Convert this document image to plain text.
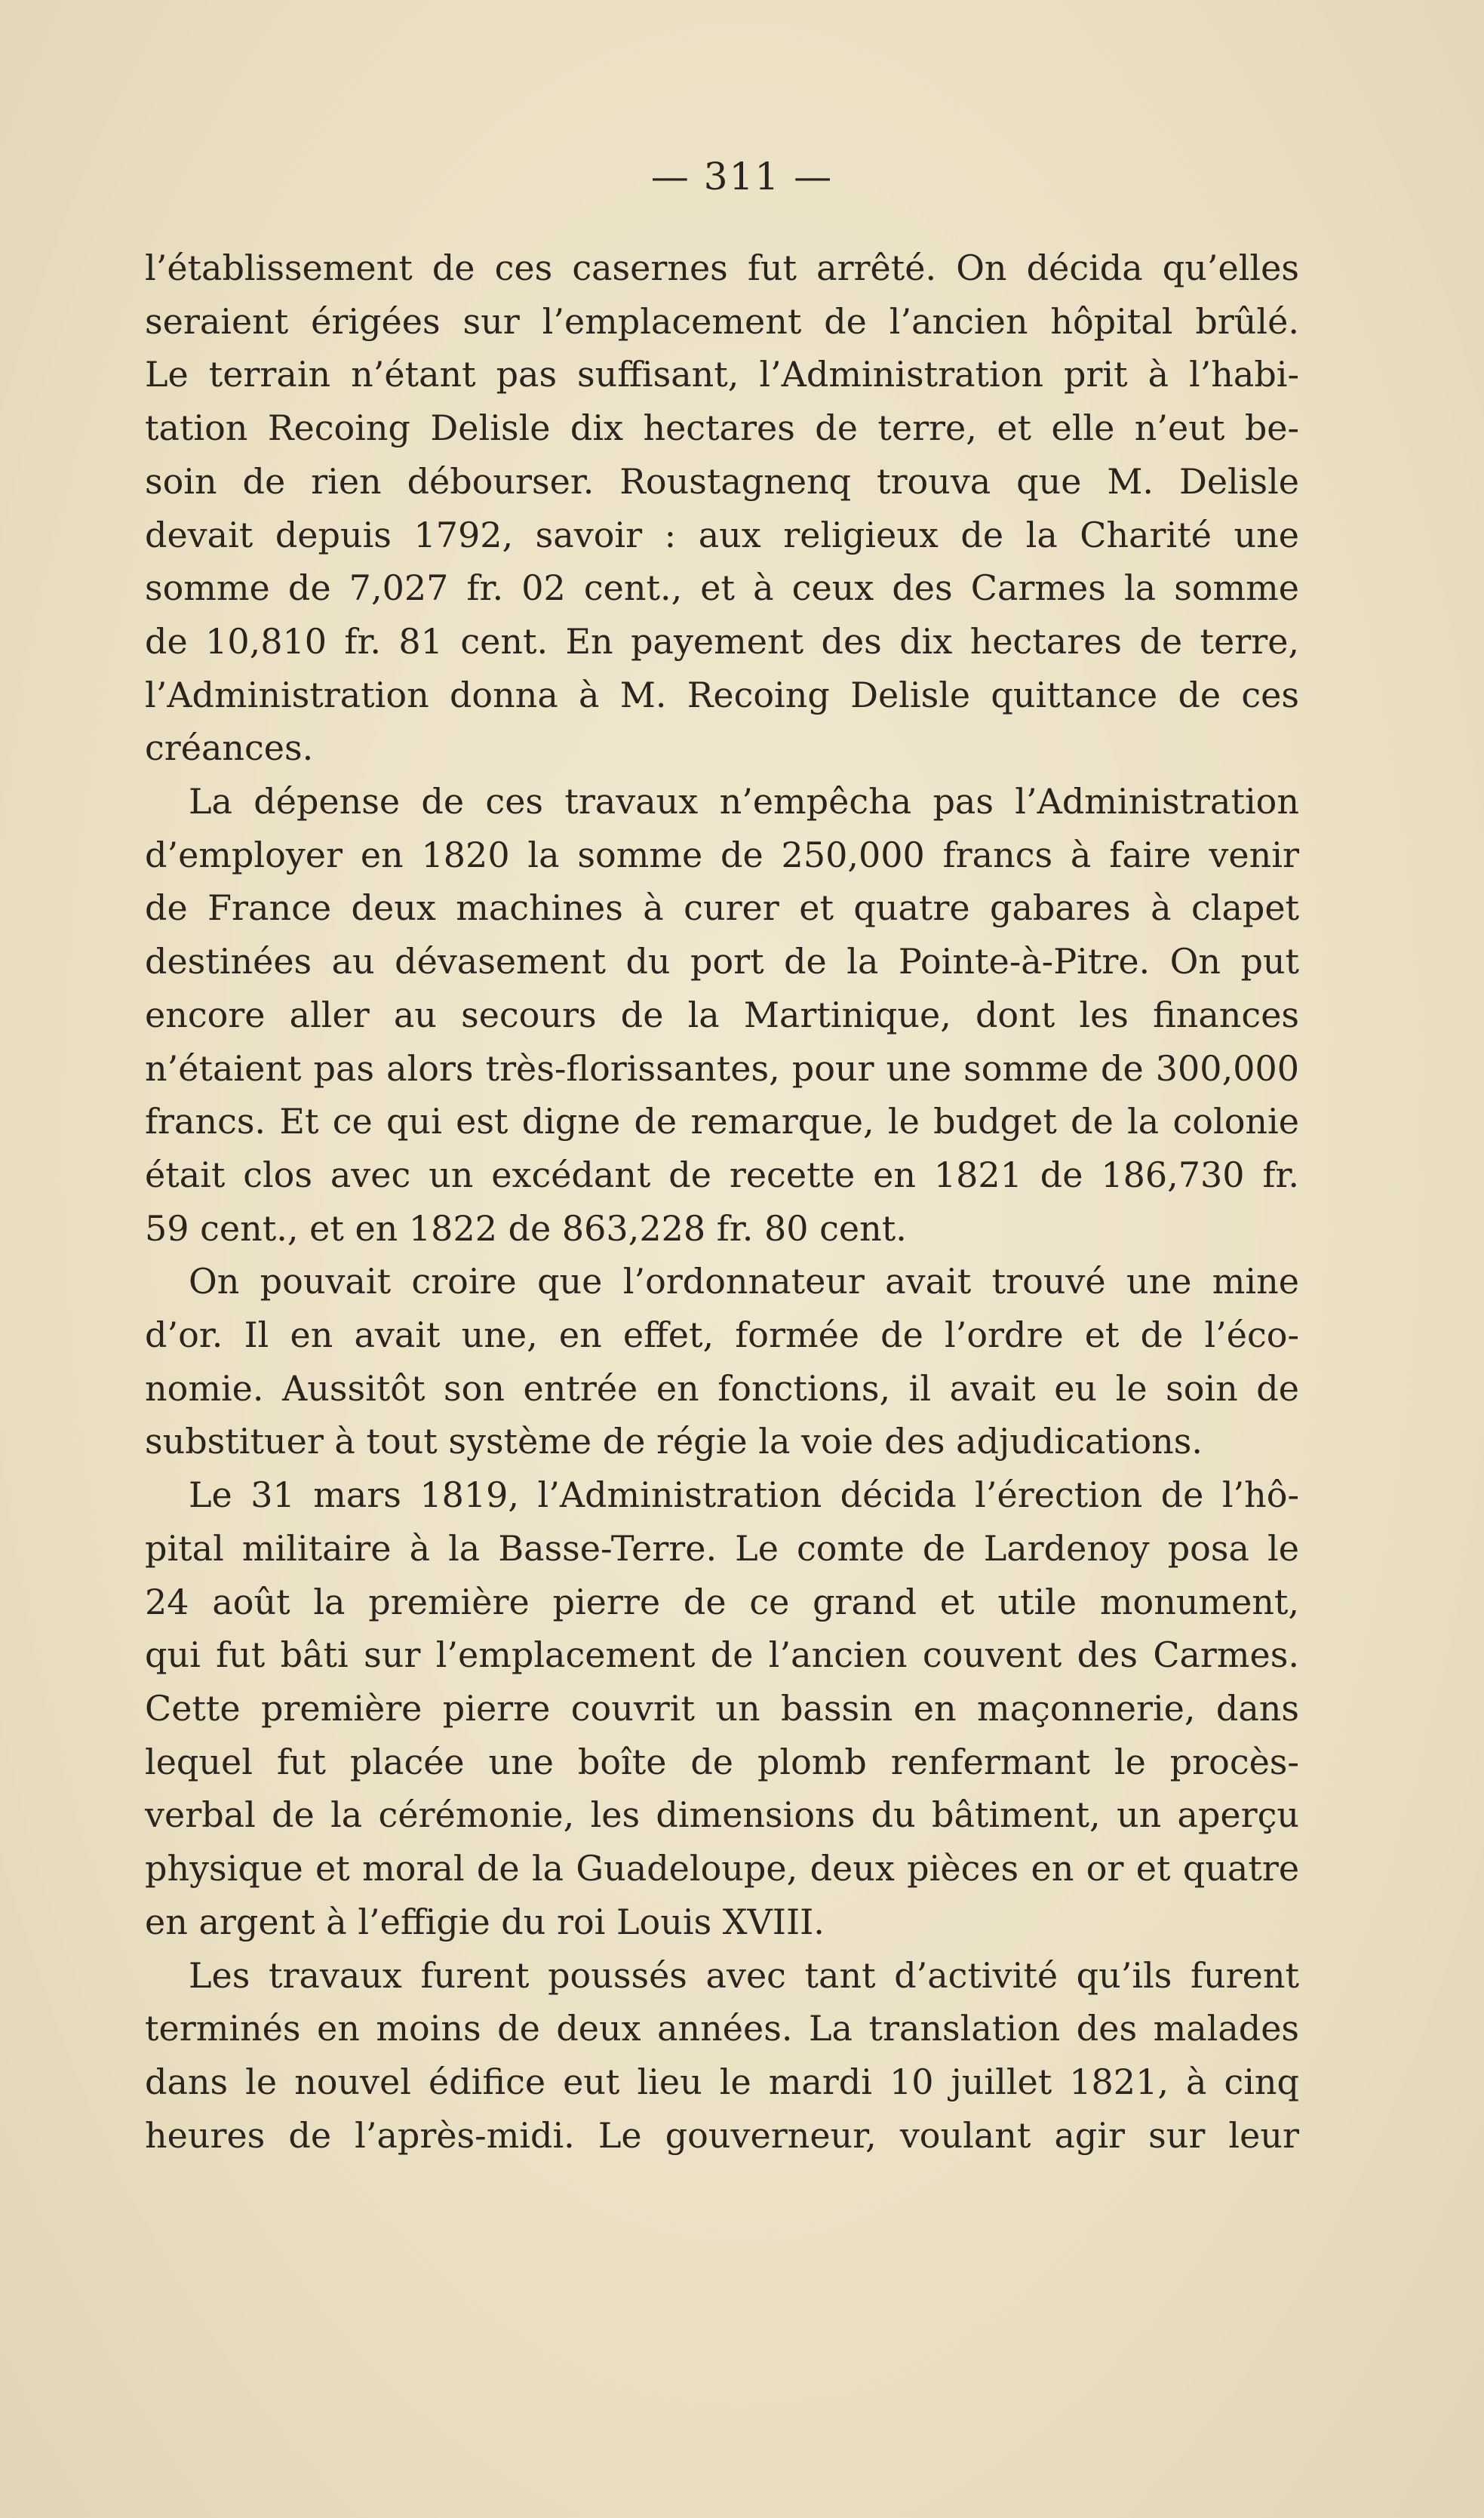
— 311 —

l’établissement de ces casernes fut arrêté. On décida qu’elles
seraient érigées sur l’emplacement de l’ancien hôpital brûlé.
Le terrain n’étant pas suffisant, l’Administration prit à l’habi-
tation Recoing Delisle dix hectares de terre, et elle n’eut be-
soin de rien débourser. Roustagnenq trouva que M. Delisle
devait depuis 1792, savoir : aux religieux de la Charité une
somme de 7,027 fr. 02 cent., et à ceux des Carmes la somme
de 10,810 fr. 81 cent. En payement des dix hectares de terre,
l’Administration donna à M. Recoing Delisle quittance de ces
créances.

La dépense de ces travaux n’empêcha pas l’Administration
d’employer en 1820 la somme de 250,000 francs à faire venir
de France deux machines à curer et quatre gabares à clapet
destinées au dévasement du port de la Pointe-à-Pitre. On put
encore aller au secours de la Martinique, dont les finances
n’étaient pas alors très-florissantes, pour une somme de 300,000
francs. Et ce qui est digne de remarque, le budget de la colonie
était clos avec un excédant de recette en 1821 de 186,730 fr.
59 cent., et en 1822 de 863,228 fr. 80 cent.

On pouvait croire que l’ordonnateur avait trouvé une mine
d’or. Il en avait une, en effet, formée de l’ordre et de l’éco-
nomie. Aussitôt son entrée en fonctions, il avait eu le soin de
substituer à tout système de régie la voie des adjudications.

Le 31 mars 1819, l’Administration décida l’érection de l’hô-
pital militaire à la Basse-Terre. Le comte de Lardenoy posa le
24 août la première pierre de ce grand et utile monument,
qui fut bâti sur l’emplacement de l’ancien couvent des Carmes.
Cette première pierre couvrit un bassin en maçonnerie, dans
lequel fut placée une boîte de plomb renfermant le procès-
verbal de la cérémonie, les dimensions du bâtiment, un aperçu
physique et moral de la Guadeloupe, deux pièces en or et quatre
en argent à l’effigie du roi Louis XVIII.

Les travaux furent poussés avec tant d’activité qu’ils furent
terminés en moins de deux années. La translation des malades
dans le nouvel édifice eut lieu le mardi 10 juillet 1821, à cinq
heures de l’après-midi. Le gouverneur, voulant agir sur leur
